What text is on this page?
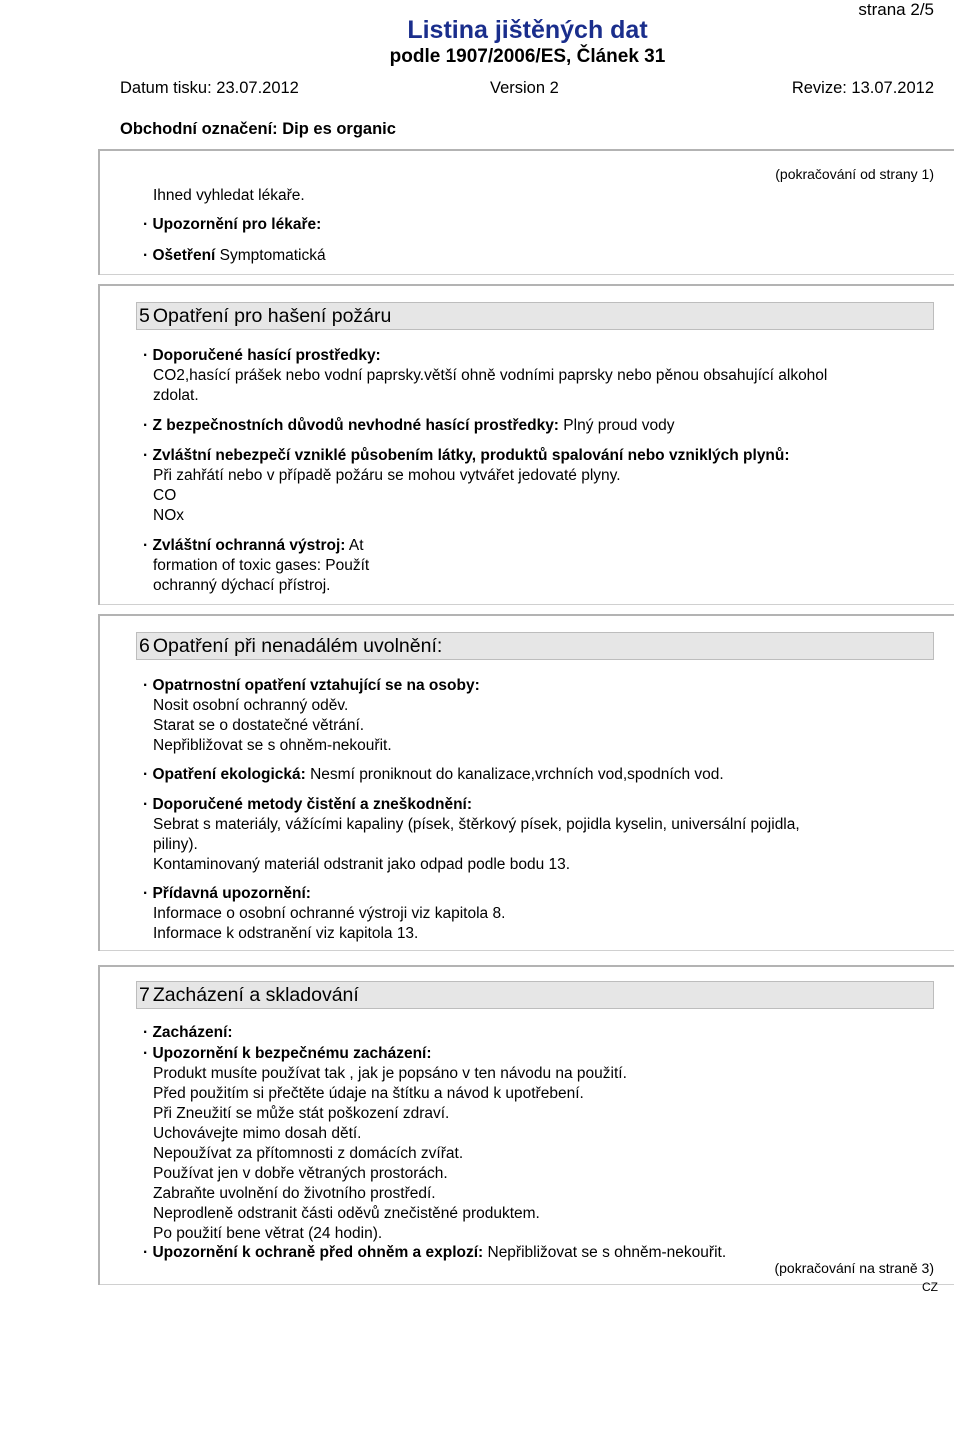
strana 2/5
Listina jištěných dat
podle 1907/2006/ES, Článek 31
Datum tisku: 23.07.2012	Version 2	Revize: 13.07.2012
Obchodní označení: Dip es organic
(pokračování od strany 1)
Ihned vyhledat lékaře.
· Upozornění pro lékaře:
· Ošetření Symptomatická
5 Opatření pro hašení požáru
· Doporučené hasící prostředky:
CO2,hasící prášek nebo vodní paprsky.větší ohně vodními paprsky nebo pěnou obsahující alkohol
zdolat.
· Z bezpečnostních důvodů nevhodné hasící prostředky: Plný proud vody
· Zvláštní nebezpečí vzniklé působením látky, produktů spalování nebo vzniklých plynů:
Při zahřátí nebo v případě požáru se mohou vytvářet jedovaté plyny.
CO
NOx
· Zvláštní ochranná výstroj: At
formation of toxic gases: Použít
ochranný dýchací přístroj.
6 Opatření při nenadálém uvolnění:
· Opatrnostní opatření vztahující se na osoby:
Nosit osobní ochranný oděv.
Starat se o dostatečné větrání.
Nepřibližovat se s ohněm-nekouřit.
· Opatření ekologická: Nesmí proniknout do kanalizace,vrchních vod,spodních vod.
· Doporučené metody čistění a zneškodnění:
Sebrat s materiály, vážícími kapaliny (písek, štěrkový písek, pojidla kyselin, universální pojidla,
piliny).
Kontaminovaný materiál odstranit jako odpad podle bodu 13.
· Přídavná upozornění:
Informace o osobní ochranné výstroji viz kapitola 8.
Informace k odstranění viz kapitola 13.
7 Zacházení a skladování
· Zacházení:
· Upozornění k bezpečnému zacházení:
Produkt musíte používat tak , jak je popsáno v ten návodu na použití.
Před použitím si přečtěte údaje na štítku a návod k upotřebení.
Při Zneužití se může stát poškození zdraví.
Uchovávejte mimo dosah dětí.
Nepoužívat za přítomnosti z domácích zvířat.
Používat jen v dobře větraných prostorách.
Zabraňte uvolnění do životního prostředí.
Neprodleně odstranit části oděvů znečistěné produktem.
Po použití bene větrat (24 hodin).
· Upozornění k ochraně před ohněm a explozí: Nepřibližovat se s ohněm-nekouřit.
(pokračování na straně 3)
CZ
